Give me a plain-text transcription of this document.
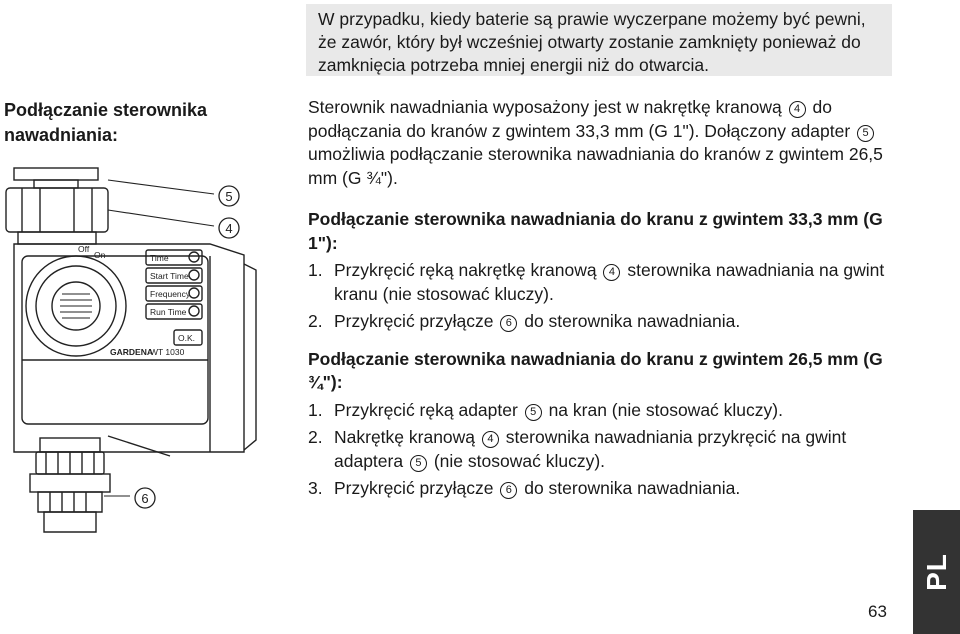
W przypadku, kiedy baterie są prawie wyczerpane możemy być pewni, że zawór, który był wcześniej otwarty zostanie zamknięty ponieważ do zamknięcia potrzeba mniej energii niż do otwarcia.
Podłączanie sterownika
nawadniania:
Time
Start Time
Frequency
Run Time
O.K.
Off
On
GARDENA
WT 1030
5
4
6

Sterownik nawadniania wyposażony jest w nakrętkę kranową 4 do podłączania do kranów z gwintem 33,3 mm (G 1"). Dołączony adapter 5 umożliwia podłączanie sterownika nawadniania do kranów z gwintem 26,5 mm (G ¾").

Podłączanie sterownika nawadniania do kranu z gwintem 33,3 mm (G 1"):

1. Przykręcić ręką nakrętkę kranową 4 sterownika nawadniania na gwint kranu (nie stosować kluczy).
2. Przykręcić przyłącze 6 do sterownika nawadniania.

Podłączanie sterownika nawadniania do kranu z gwintem 26,5 mm (G ¾"):

1. Przykręcić ręką adapter 5 na kran (nie stosować kluczy).
2. Nakrętkę kranową 4 sterownika nawadniania przykręcić na gwint adaptera 5 (nie stosować kluczy).
3. Przykręcić przyłącze 6 do sterownika nawadniania.
PL
63
